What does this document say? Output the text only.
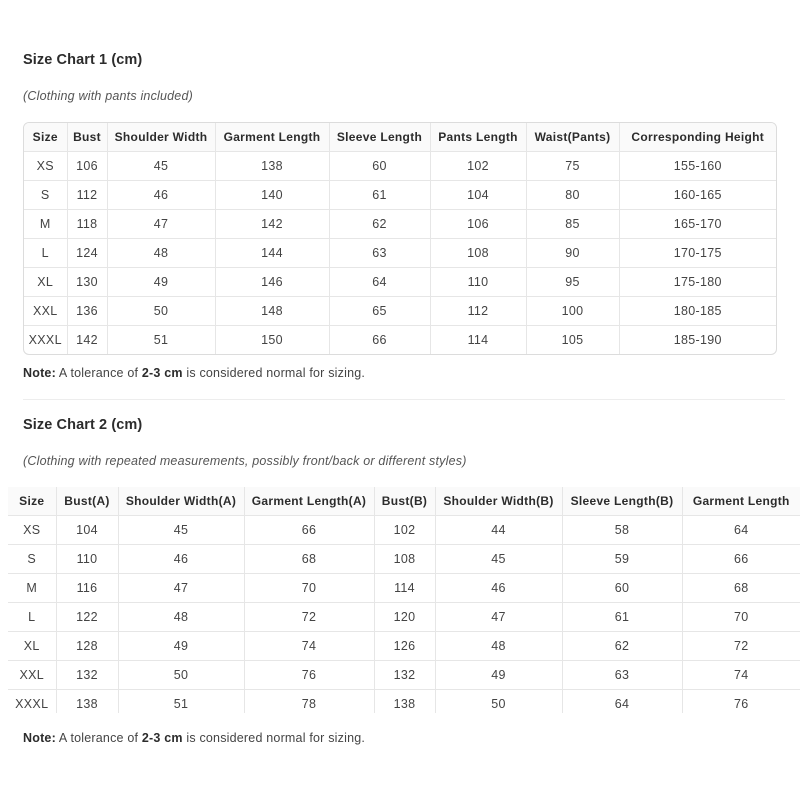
Size Chart 1 (cm)

(Clothing with pants included)

Size	Bust	Shoulder Width	Garment Length	Sleeve Length	Pants Length	Waist(Pants)	Corresponding Height
XS	106	45	138	60	102	75	155-160
S	112	46	140	61	104	80	160-165
M	118	47	142	62	106	85	165-170
L	124	48	144	63	108	90	170-175
XL	130	49	146	64	110	95	175-180
XXL	136	50	148	65	112	100	180-185
XXXL	142	51	150	66	114	105	185-190

Note: A tolerance of 2-3 cm is considered normal for sizing.

Size Chart 2 (cm)

(Clothing with repeated measurements, possibly front/back or different styles)

Size	Bust(A)	Shoulder Width(A)	Garment Length(A)	Bust(B)	Shoulder Width(B)	Sleeve Length(B)	Garment Length
XS	104	45	66	102	44	58	64
S	110	46	68	108	45	59	66
M	116	47	70	114	46	60	68
L	122	48	72	120	47	61	70
XL	128	49	74	126	48	62	72
XXL	132	50	76	132	49	63	74
XXXL	138	51	78	138	50	64	76

Note: A tolerance of 2-3 cm is considered normal for sizing.
